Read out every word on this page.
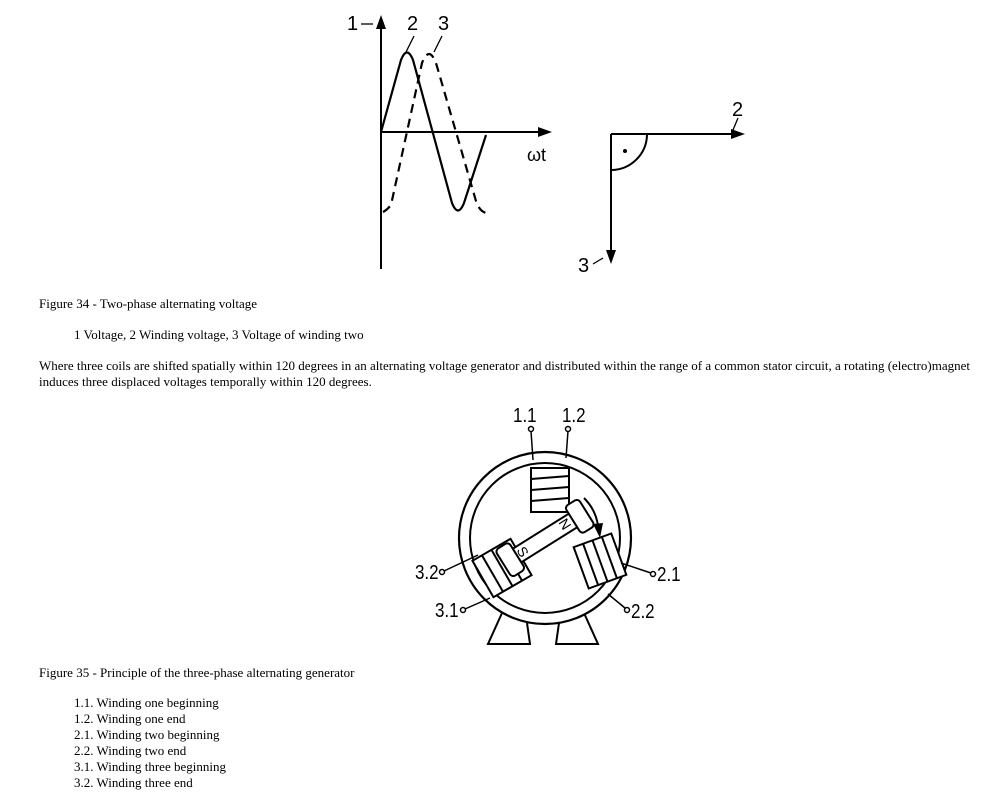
1 2 3
ωt
2
3
Figure 34 - Two-phase alternating voltage
1 Voltage, 2 Winding voltage, 3 Voltage of winding two
Where three coils are shifted spatially within 120 degrees in an alternating voltage generator and distributed within the range of a common stator circuit, a rotating (electro)magnet induces three displaced voltages temporally within 120 degrees.
N
S
1.1 1.2
2.1
2.2
3.2
3.1
Figure 35 - Principle of the three-phase alternating generator
1.1. Winding one beginning
1.2. Winding one end
2.1. Winding two beginning
2.2. Winding two end
3.1. Winding three beginning
3.2. Winding three end
